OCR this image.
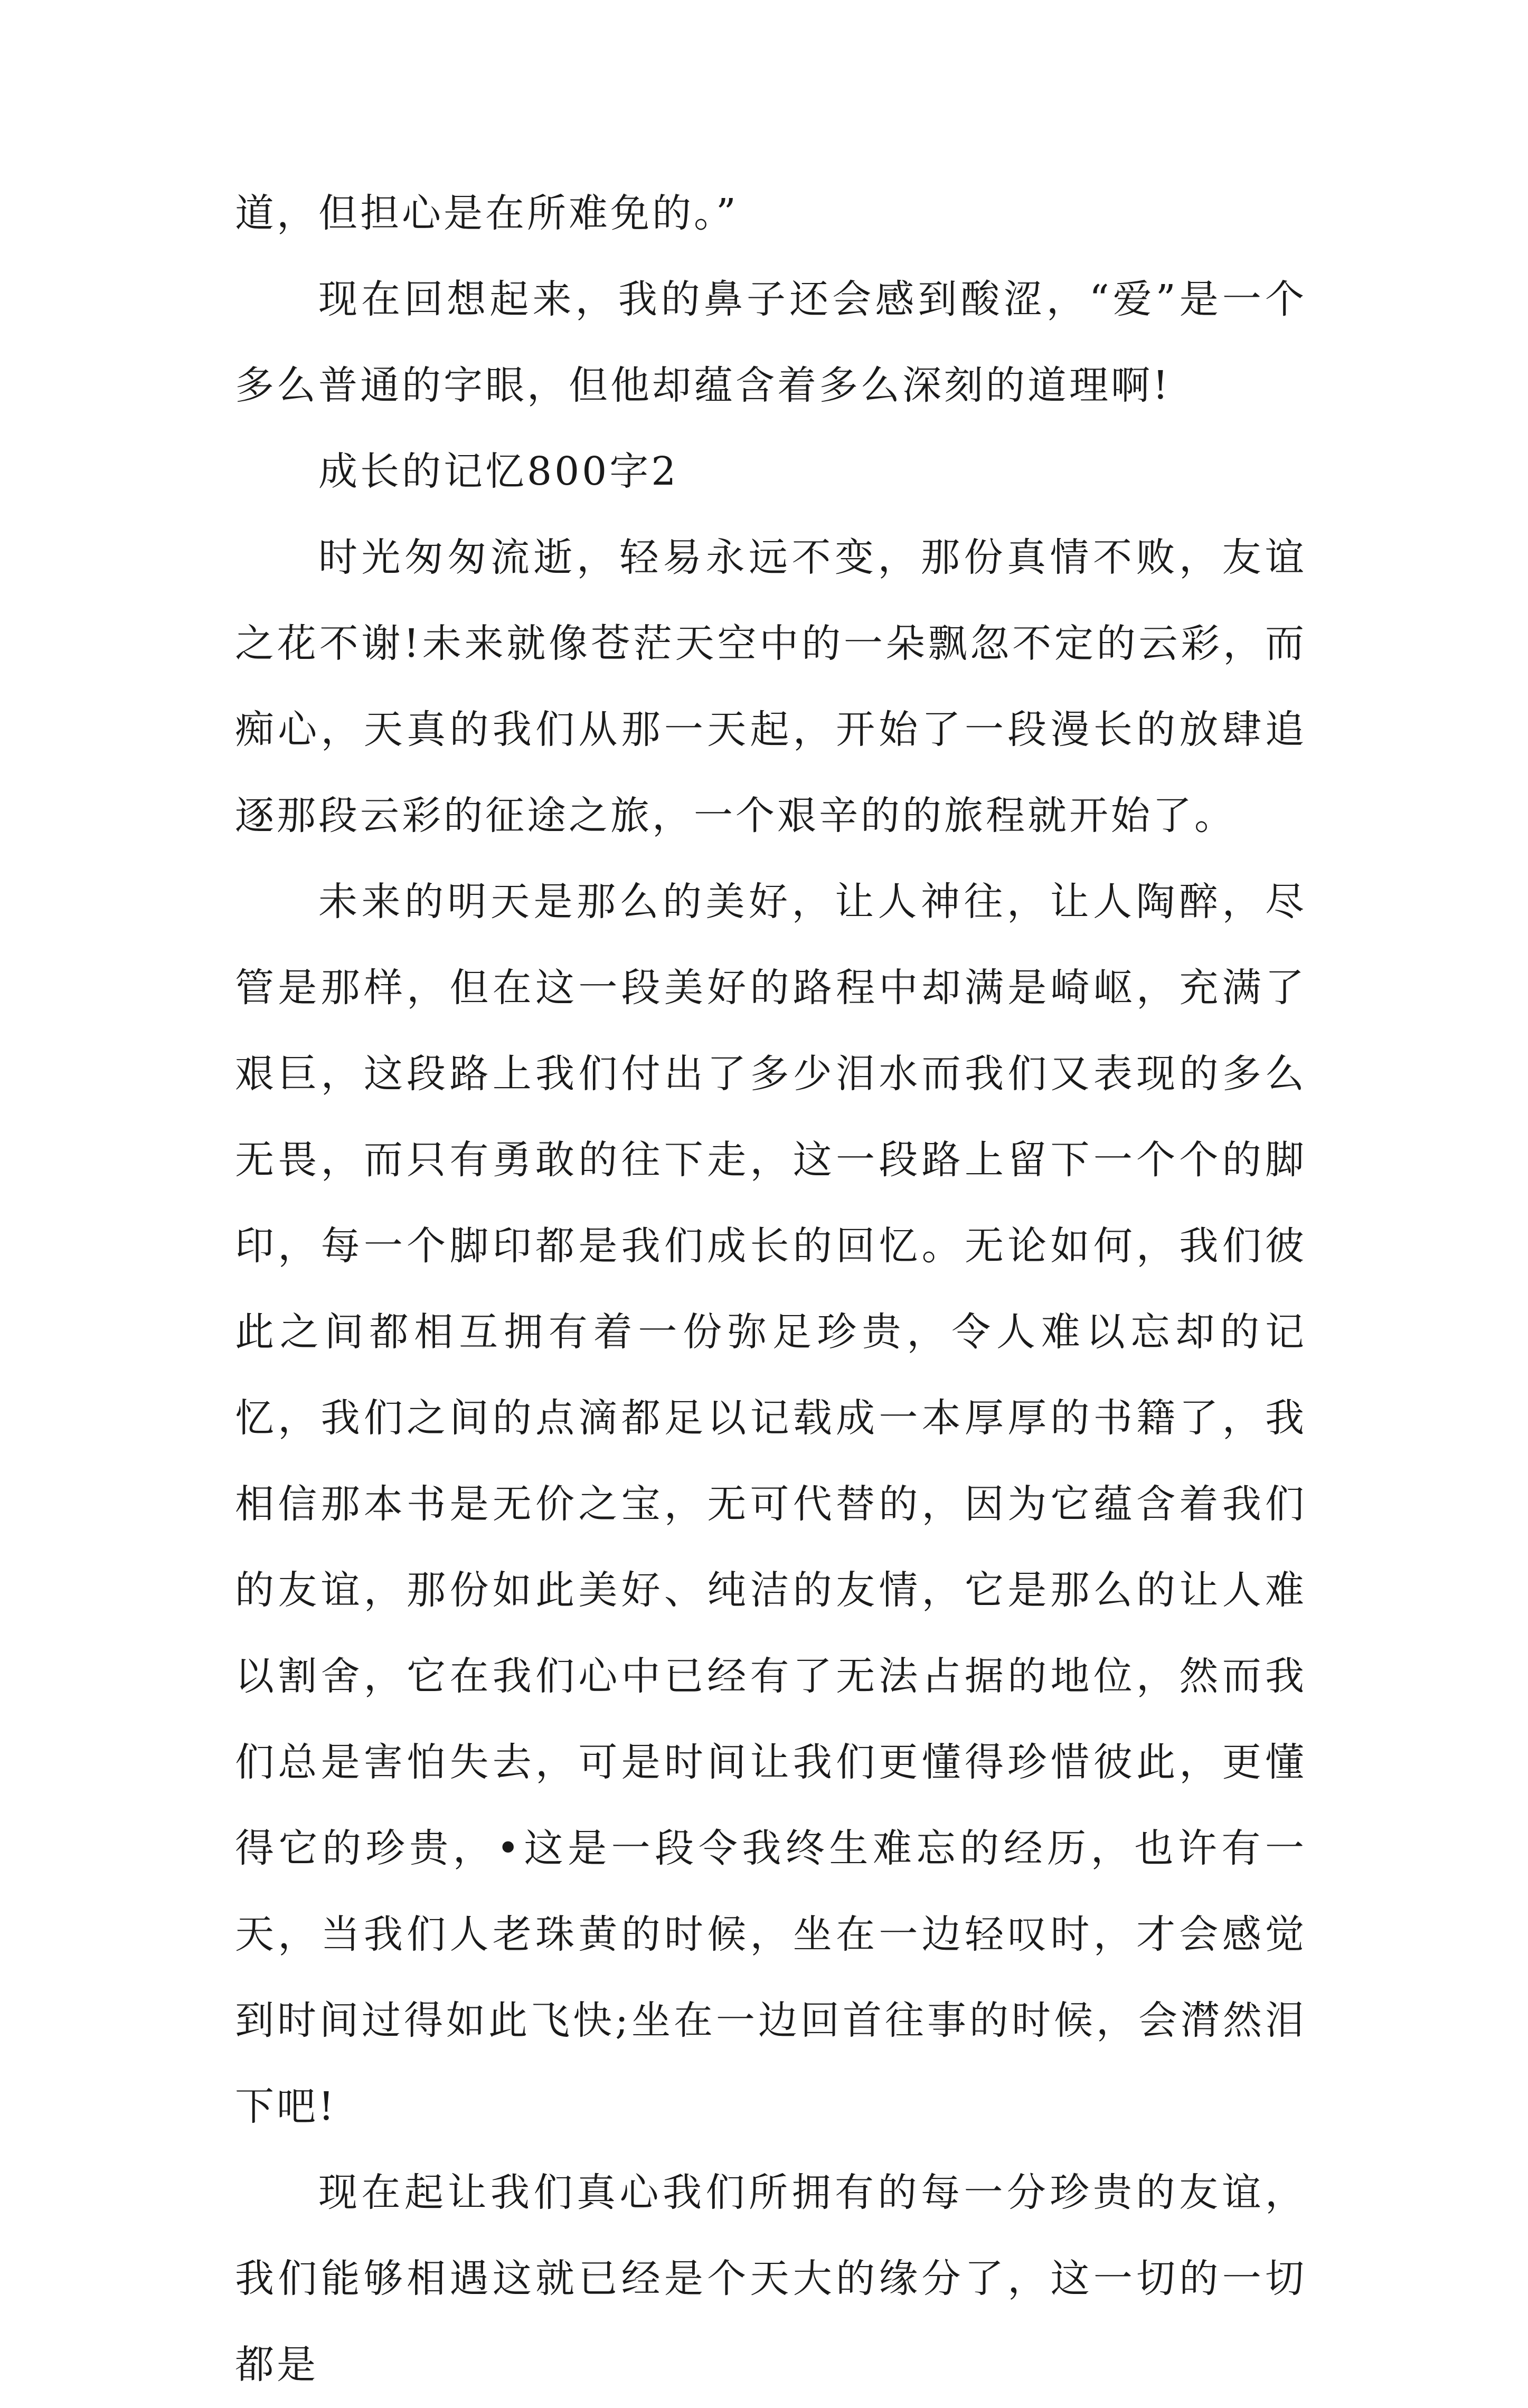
道，但担心是在所难免的。”

现在回想起来，我的鼻子还会感到酸涩，“爱”是一个多么普通的字眼，但他却蕴含着多么深刻的道理啊!

成长的记忆800字2

时光匆匆流逝，轻易永远不变，那份真情不败，友谊之花不谢!未来就像苍茫天空中的一朵飘忽不定的云彩，而痴心，天真的我们从那一天起，开始了一段漫长的放肆追逐那段云彩的征途之旅，一个艰辛的的旅程就开始了。

未来的明天是那么的美好，让人神往，让人陶醉，尽管是那样，但在这一段美好的路程中却满是崎岖，充满了艰巨，这段路上我们付出了多少泪水而我们又表现的多么无畏，而只有勇敢的往下走，这一段路上留下一个个的脚印，每一个脚印都是我们成长的回忆。无论如何，我们彼此之间都相互拥有着一份弥足珍贵，令人难以忘却的记忆，我们之间的点滴都足以记载成一本厚厚的书籍了，我相信那本书是无价之宝，无可代替的，因为它蕴含着我们的友谊，那份如此美好、纯洁的友情，它是那么的让人难以割舍，它在我们心中已经有了无法占据的地位，然而我们总是害怕失去，可是时间让我们更懂得珍惜彼此，更懂得它的珍贵，•这是一段令我终生难忘的经历，也许有一天，当我们人老珠黄的时候，坐在一边轻叹时，才会感觉到时间过得如此飞快;坐在一边回首往事的时候，会潸然泪下吧!

现在起让我们真心我们所拥有的每一分珍贵的友谊，我们能够相遇这就已经是个天大的缘分了，这一切的一切都是
